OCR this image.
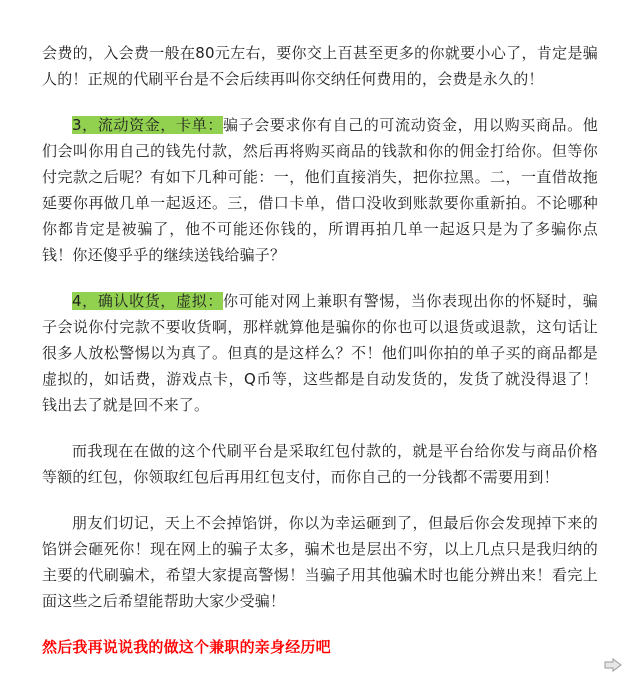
会费的，入会费一般在80元左右，要你交上百甚至更多的你就要小心了，肯定是骗人的！正规的代刷平台是不会后续再叫你交纳任何费用的，会费是永久的！

3，流动资金，卡单：骗子会要求你有自己的可流动资金，用以购买商品。他们会叫你用自己的钱先付款，然后再将购买商品的钱款和你的佣金打给你。但等你付完款之后呢？有如下几种可能：一，他们直接消失，把你拉黑。二，一直借故拖延要你再做几单一起返还。三，借口卡单，借口没收到账款要你重新拍。不论哪种你都肯定是被骗了，他不可能还你钱的，所谓再拍几单一起返只是为了多骗你点钱！你还傻乎乎的继续送钱给骗子？

4，确认收货，虚拟：你可能对网上兼职有警惕，当你表现出你的怀疑时，骗子会说你付完款不要收货啊，那样就算他是骗你的你也可以退货或退款，这句话让很多人放松警惕以为真了。但真的是这样么？不！他们叫你拍的单子买的商品都是虚拟的，如话费，游戏点卡，Q币等，这些都是自动发货的，发货了就没得退了！钱出去了就是回不来了。

而我现在在做的这个代刷平台是采取红包付款的，就是平台给你发与商品价格等额的红包，你领取红包后再用红包支付，而你自己的一分钱都不需要用到！

朋友们切记，天上不会掉馅饼，你以为幸运砸到了，但最后你会发现掉下来的馅饼会砸死你！现在网上的骗子太多，骗术也是层出不穷，以上几点只是我归纳的主要的代刷骗术，希望大家提高警惕！当骗子用其他骗术时也能分辨出来！看完上面这些之后希望能帮助大家少受骗！

然后我再说说我的做这个兼职的亲身经历吧
